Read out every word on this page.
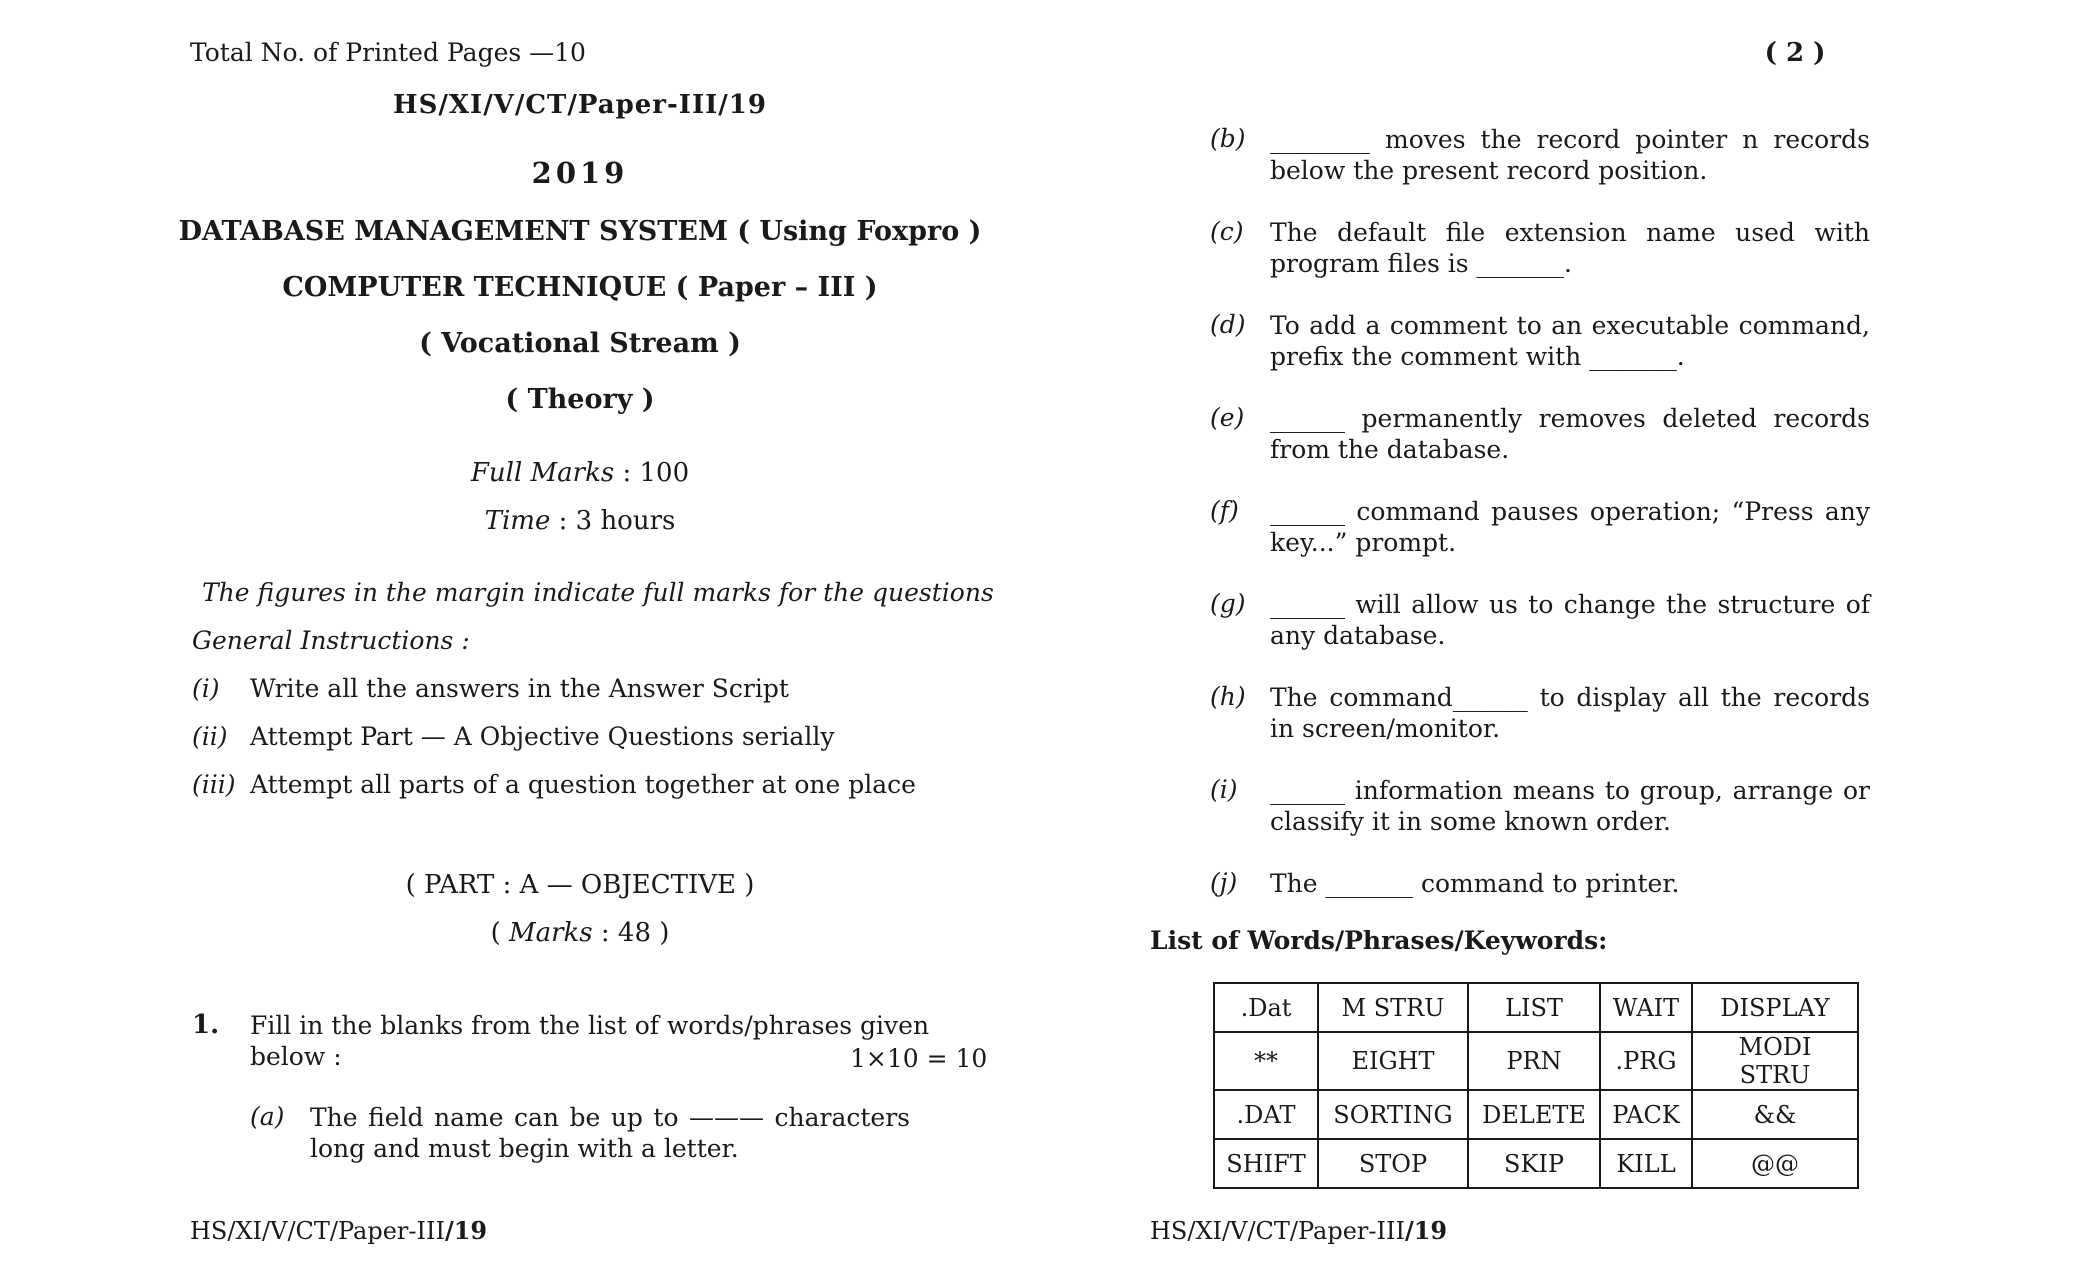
Total No. of Printed Pages —10
HS/XI/V/CT/Paper-III/19
2019
DATABASE MANAGEMENT SYSTEM ( Using Foxpro )
COMPUTER TECHNIQUE ( Paper – III )
( Vocational Stream )
( Theory )
Full Marks : 100
Time : 3 hours
The figures in the margin indicate full marks for the questions
General Instructions :
(i) Write all the answers in the Answer Script
(ii) Attempt Part — A Objective Questions serially
(iii) Attempt all parts of a question together at one place
( PART : A — OBJECTIVE )
( Marks : 48 )
1. Fill in the blanks from the list of words/phrases given below :	1×10 = 10
(a) The field name can be up to ——— characters long and must begin with a letter.
HS/XI/V/CT/Paper-III/19
( 2 )
(b) ________ moves the record pointer n records below the present record position.
(c) The default file extension name used with program files is _______.
(d) To add a comment to an executable command, prefix the comment with _______.
(e) ______ permanently removes deleted records from the database.
(f) ______ command pauses operation; “Press any key...” prompt.
(g) ______ will allow us to change the structure of any database.
(h) The command______ to display all the records in screen/monitor.
(i) ______ information means to group, arrange or classify it in some known order.
(j) The _______ command to printer.
List of Words/Phrases/Keywords:
.Dat	M STRU	LIST	WAIT	DISPLAY
**	EIGHT	PRN	.PRG	MODI STRU
.DAT	SORTING	DELETE	PACK	&&
SHIFT	STOP	SKIP	KILL	@@
HS/XI/V/CT/Paper-III/19
